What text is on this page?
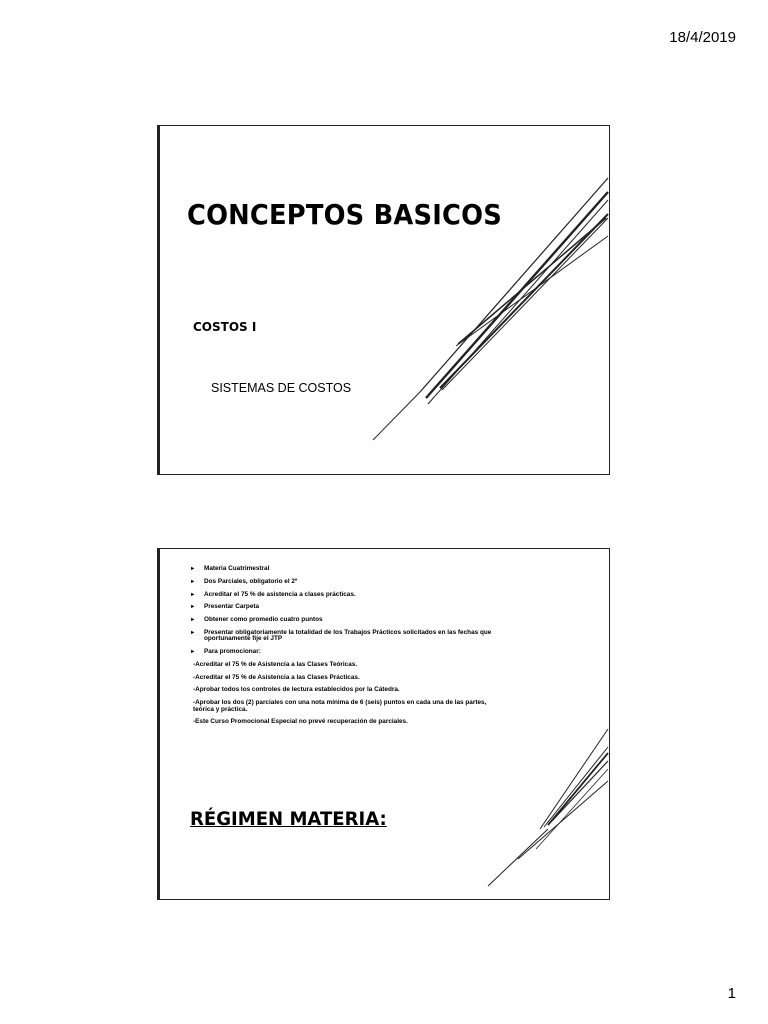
18/4/2019
CONCEPTOS BASICOS
COSTOS I
SISTEMAS DE COSTOS
► Materia Cuatrimestral
► Dos Parciales, obligatorio el 2º
► Acreditar el 75 % de asistencia a clases prácticas.
► Presentar Carpeta
► Obtener como promedio cuatro puntos
► Presentar obligatoriamente la totalidad de los Trabajos Prácticos solicitados en las fechas que oportunamente fije el JTP
► Para promocionar:
-Acreditar el 75 % de Asistencia a las Clases Teóricas.
-Acreditar el 75 % de Asistencia a las Clases Prácticas.
-Aprobar todos los controles de lectura establecidos por la Cátedra.
-Aprobar los dos (2) parciales con una nota mínima de 6 (seis) puntos en cada una de las partes, teórica y práctica.
-Este Curso Promocional Especial no prevé recuperación de parciales.
RÉGIMEN MATERIA:
1
